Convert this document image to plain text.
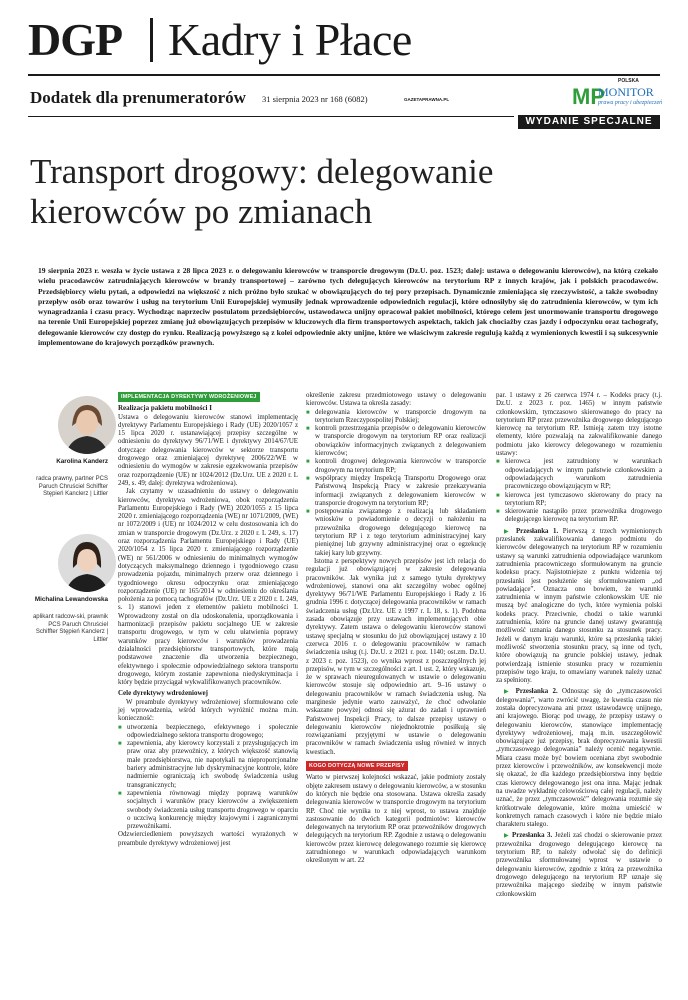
DGP Kadry i Płace
Dodatek dla prenumeratorów 31 sierpnia 2023 nr 168 (6082)	GAZETAPRAWNA.PL
POLSKA
MP
MONITOR
prawa pracy i ubezpieczeń
WYDANIE SPECJALNE
Transport drogowy: delegowanie kierowców po zmianach
19 sierpnia 2023 r. weszła w życie ustawa z 28 lipca 2023 r. o delegowaniu kierowców w transporcie drogowym (Dz.U. poz. 1523; dalej: ustawa o delegowaniu kierowców), na którą czekało wielu pracodawców zatrudniających kierowców w branży transportowej – zarówno tych delegujących kierowców na terytorium RP z innych krajów, jak i polskich pracodawców. Przedsiębiorcy wielu pytań, a odpowiedzi na większość z nich próżno było szukać w obowiązujących do tej pory przepisach. Dynamicznie zmieniająca się rzeczywistość, a także swobodny przepływ osób oraz towarów i usług na terytorium Unii Europejskiej wymusiły jednak wprowadzenie odpowiednich regulacji, które odnosiłyby się do zatrudnienia kierowców, w tym ich wynagradzania i czasu pracy. Wychodząc naprzeciw postulatom przedsiębiorców, ustawodawca unijny opracował pakiet mobilności, którego celem jest unormowanie transportu drogowego na terenie Unii Europejskiej poprzez zmianę już obowiązujących przepisów w kluczowych dla firm transportowych aspektach, takich jak chociażby czas jazdy i odpoczynku oraz tachografy, delegowanie kierowców czy dostęp do rynku. Realizacją powyższego są z kolei odpowiednie akty unijne, które we właściwym zakresie regulują każdą z wymienionych kwestii i są sukcesywnie implementowane do krajowych porządków prawnych.
Karolina Kanderz
radca prawny, partner PCS Paruch Chruściel Schiffter Stępień Kanclerz | Littler
Michalina Lewandowska
aplikant radcow-ski, prawnik PCS Paruch Chruściel Schiffter Stępień Kanclerz | Littler
IMPLEMENTACJA DYREKTYWY WDROŻENIOWEJ
Realizacja pakietu mobilności I

Ustawa o delegowaniu kierowców stanowi implementację dyrektywy Parlamentu Europejskiego i Rady (UE) 2020/1057 z 15 lipca 2020 r. ustanawiającej przepisy szczególne w odniesieniu do dyrektywy 96/71/WE i dyrektywy 2014/67/UE dotyczące delegowania kierowców w sektorze transportu drogowego oraz zmieniającej dyrektywę 2006/22/WE w odniesieniu do wymogów w zakresie egzekwowania przepisów oraz rozporządzenie (UE) nr 1024/2012 (Dz.Urz. UE z 2020 r. L 249, s. 49; dalej: dyrektywa wdrożeniowa).

Jak czytamy w uzasadnieniu do ustawy o delegowaniu kierowców, dyrektywa wdrożeniowa, obok rozporządzenia Parlamentu Europejskiego i Rady (WE) 2020/1055 z 15 lipca 2020 r. zmieniającego rozporządzenia (WE) nr 1071/2009, (WE) nr 1072/2009 i (UE) nr 1024/2012 w celu dostosowania ich do zmian w transporcie drogowym (Dz.Urz. z 2020 r. L 249, s. 17) oraz rozporządzenia Parlamentu Europejskiego i Rady (UE) 2020/1054 z 15 lipca 2020 r. zmieniającego rozporządzenie (WE) nr 561/2006 w odniesieniu do minimalnych wymogów dotyczących maksymalnego dziennego i tygodniowego czasu prowadzenia pojazdu, minimalnych przerw oraz dziennego i tygodniowego okresu odpoczynku oraz zmieniającego rozporządzenie (UE) nr 165/2014 w odniesieniu do określania położenia za pomocą tachografów (Dz.Urz. UE z 2020 r. L 249, s. 1) stanowi jeden z elementów pakietu mobilności I. Wprowadzony został on dla udoskonalenia, uporządkowania i harmonizacji przepisów pakietu socjalnego UE w zakresie transportu drogowego, w tym w celu ułatwienia poprawy warunków pracy kierowców i warunków prowadzenia działalności przedsiębiorstw transportowych, które mają podstawowe znaczenie dla utworzenia bezpiecznego, efektywnego i społecznie odpowiedzialnego sektora transportu drogowego, którym zostanie zapewniona niedyskryminacja i który będzie przyciągał wykwalifikowanych pracowników.

Cele dyrektywy wdrożeniowej

W preambule dyrektywy wdrożeniowej sformułowano cele jej wprowadzenia, wśród których wyróżnić można m.in. konieczność:

■ utworzenia bezpiecznego, efektywnego i społecznie odpowiedzialnego sektora transportu drogowego;
■ zapewnienia, aby kierowcy korzystali z przysługujących im praw oraz aby przewoźnicy, z których większość stanowią małe przedsiębiorstwa, nie napotykali na nieproporcjonalne bariery administracyjne lub dyskryminacyjne kontrole, które nadmiernie ograniczają ich swobodę świadczenia usług transgranicznych;
■ zapewnienia równowagi między poprawą warunków socjalnych i warunków pracy kierowców a zwiększeniem swobody świadczenia usług transportu drogowego w oparciu o uczciwą konkurencję między krajowymi i zagranicznymi przewoźnikami.

Odzwierciedleniem powyższych wartości wyrażonych w preambule dyrektywy wdrożeniowej jest

określenie zakresu przedmiotowego ustawy o delegowaniu kierowców. Ustawa ta określa zasady:

■ delegowania kierowców w transporcie drogowym na terytorium Rzeczypospolitej Polskiej;
■ kontroli przestrzegania przepisów o delegowaniu kierowców w transporcie drogowym na terytorium RP oraz realizacji obowiązków informacyjnych związanych z delegowaniem kierowców;
■ kontroli drogowej delegowania kierowców w transporcie drogowym na terytorium RP;
■ współpracy między Inspekcją Transportu Drogowego oraz Państwową Inspekcją Pracy w zakresie przekazywania informacji związanych z delegowaniem kierowców w transporcie drogowym na terytorium RP;
■ postępowania związanego z realizacją lub składaniem wniosków o powiadomienie o decyzji o nałożeniu na przewoźnika drogowego delegującego kierowcę na terytorium RP i z tego terytorium administracyjnej kary pieniężnej lub grzywny administracyjnej oraz o egzekucję takiej kary lub grzywny.

Istotna z perspektywy nowych przepisów jest ich relacja do regulacji już obowiązującej w zakresie delegowania pracowników. Jak wynika już z samego tytułu dyrektywy wdrożeniowej, stanowi ona akt szczególny wobec ogólnej dyrektywy 96/71/WE Parlamentu Europejskiego i Rady z 16 grudnia 1996 r. dotyczącej delegowania pracowników w ramach świadczenia usług (Dz.Urz. UE z 1997 r. L 18, s. 1). Podobna zasada obowiązuje przy ustawach implementujących obie dyrektywy. Zatem ustawa o delegowaniu kierowców stanowi ustawę specjalną w stosunku do już obowiązującej ustawy z 10 czerwca 2016 r. o delegowaniu pracowników w ramach świadczenia usług (t.j. Dz.U. z 2021 r. poz. 1140; ost.zm. Dz.U. z 2023 r. poz. 1523), co wynika wprost z poszczególnych jej przepisów, w tym w szczególności z art. 1 ust. 2, który wskazuje, że w sprawach nieuregulowanych w ustawie o delegowaniu kierowców stosuje się odpowiednio art. 9–16 ustawy o delegowaniu pracowników w ramach świadczenia usług. Na marginesie jedynie warto zauważyć, że choć odwołanie wskazane powyżej odnosi się ażurat do zadań i uprawnień Państwowej Inspekcji Pracy, to dalsze przepisy ustawy o delegowaniu kierowców niejednokrotnie posiłkują się rozwiązaniami przyjętymi w ustawie o delegowaniu pracowników w ramach świadczenia usług również w innych kwestiach.

KOGO DOTYCZĄ NOWE PRZEPISY

Warto w pierwszej kolejności wskazać, jakie podmioty zostały objęte zakresem ustawy o delegowaniu kierowców, a w stosunku do których nie będzie ona stosowana. Ustawa określa zasady delegowania kierowców w transporcie drogowym na terytorium RP. Choć nie wynika to z niej wprost, to ustawa znajduje zastosowanie do dwóch kategorii podmiotów: kierowców delegowanych na terytorium RP oraz przewoźników drogowych delegujących na terytorium RP. Zgodnie z ustawą o delegowaniu kierowców przez kierowcę delegowanego rozumie się kierowcę zatrudnionego w warunkach odpowiadających warunkom określonym w art. 22

par. 1 ustawy z 26 czerwca 1974 r. – Kodeks pracy (t.j. Dz.U. z 2023 r. poz. 1465) w innym państwie członkowskim, tymczasowo skierowanego do pracy na terytorium RP przez przewoźnika drogowego delegującego kierowcę na terytorium RP. Istnieją zatem trzy istotne elementy, które pozwalają na zakwalifikowanie danego podmiotu jako kierowcy delegowanego w rozumieniu ustawy:

■ kierowca jest zatrudniony w warunkach odpowiadających w innym państwie członkowskim a odpowiadających warunkom zatrudnienia pracowniczego obowiązującym w RP;
■ kierowca jest tymczasowo skierowany do pracy na terytorium RP;
■ skierowanie nastąpiło przez przewoźnika drogowego delegującego kierowcę na terytorium RP.

▶ Przesłanka 1. Pierwszą z trzech wymienionych przesłanek zakwalifikowania danego podmiotu do kierowców delegowanych na terytorium RP w rozumieniu ustawy są warunki zatrudnienia odpowiadające warunkom zatrudnienia pracowniczego sformułowanym na gruncie kodeksu pracy. Najistotniejsze z punktu widzenia tej przesłanki jest posłużenie się sformułowaniem „od powiadające”. Oznacza ono bowiem, że warunki zatrudnienia w innym państwie członkowskim UE nie muszą być analogiczne do tych, które wymienia polski kodeks pracy. Przeciwnie, chodzi o takie warunki zatrudnienia, które na gruncie danej ustawy gwarantują możliwość uznania danego stosunku za stosunek pracy. Jeżeli w danym kraju warunki, które są przesłanką takiej możliwość stworzenia stosunku pracy, są inne od tych, które obowiązują na gruncie polskiej ustawy, jednak potwierdzają istnienie stosunku pracy w rozumieniu przepisów tego kraju, to omawiany warunek należy uznać za spełniony.

▶ Przesłanka 2. Odnosząc się do „tymczasowości delegowania”, warto zwrócić uwagę, że kwestia czasu nie została doprecyzowana ani przez ustawodawcę unijnego, ani krajowego. Biorąc pod uwagę, że przepisy ustawy o delegowaniu kierowców, stanowiące implementację dyrektywy wdrożeniowej, mają m.in. uszczegółowić obowiązujące już przepisy, brak doprecyzowania kwestii „tymczasowego delegowania” należy ocenić negatywnie. Miara czasu może być bowiem oceniana zbyt swobodnie przez kierowców i przewoźników, aw konsekwencji może się okazać, że dla każdego przedsiębiorstwa inny będzie czas kierowcy delegowanego jest ona inna. Mając jednak na uwadze wykładnię celowościową całej regulacji, należy uznać, że przez „tymczasowość” delegowania rozumie się krótkotrwałe delegowanie, które można umieścić w konkretnych ramach czasowych i które nie będzie miało charakteru stałego.

▶ Przesłanka 3. Jeżeli zaś chodzi o skierowanie przez przewoźnika drogowego delegującego kierowcę na terytorium RP, to należy odwołać się do definicji przewoźnika sformułowanej wprost w ustawie o delegowaniu kierowców, zgodnie z którą za przewoźnika drogowego delegującego na terytorium RP uznaje się przewoźnika mającego siedzibę w innym państwie członkowskim
